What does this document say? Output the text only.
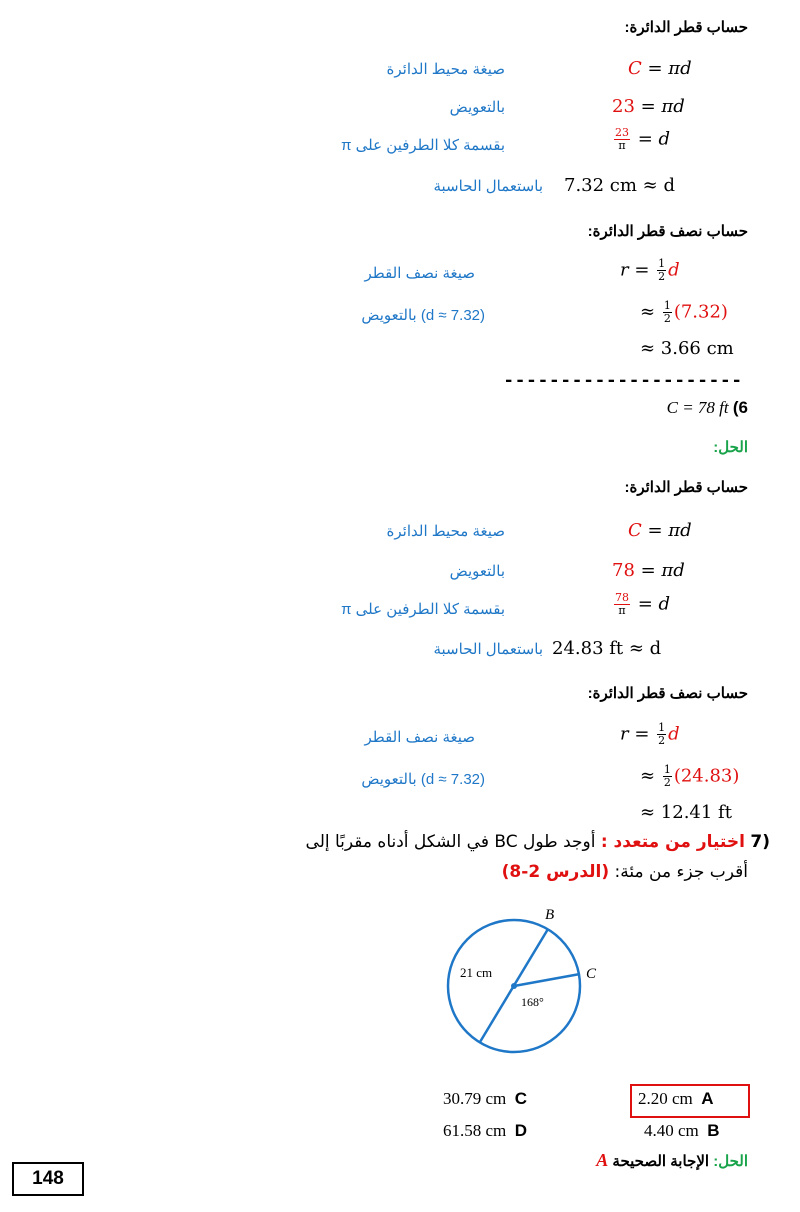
حساب قطر الدائرة:
C = πd
صيغة محيط الدائرة
23 = πd
بالتعويض
$\frac{23}{\pi} = d$
بقسمة كلا الطرفين على π
7.32 cm ≈ d
باستعمال الحاسبة
حساب نصف قطر الدائرة:
$r = \frac{1}{2}$ d
صيغة نصف القطر
≈ $\frac{1}{2} (7.32)$
بالتعويض (d ≈ 7.32)
≈ 3.66 cm
---------------------
C = 78 ft (6
الحل:
حساب قطر الدائرة:
C = πd
صيغة محيط الدائرة
78 = πd
بالتعويض
$\frac{78}{\pi} = d$
بقسمة كلا الطرفين على π
24.83 ft ≈ d
باستعمال الحاسبة
حساب نصف قطر الدائرة:
$r = \frac{1}{2}$ d
صيغة نصف القطر
≈ $\frac{1}{2} (24.83)$
بالتعويض (d ≈ 7.32)
≈ 12.41 ft
(7 اختيار من متعدد : أوجد طول BC في الشكل أدناه مقربًا إلى
أقرب جزء من مئة: (الدرس 2-8)
B
C
21 cm
168°
2.20 cm A
4.40 cm B
30.79 cm C
61.58 cm D
الحل: الإجابة الصحيحة A
148
